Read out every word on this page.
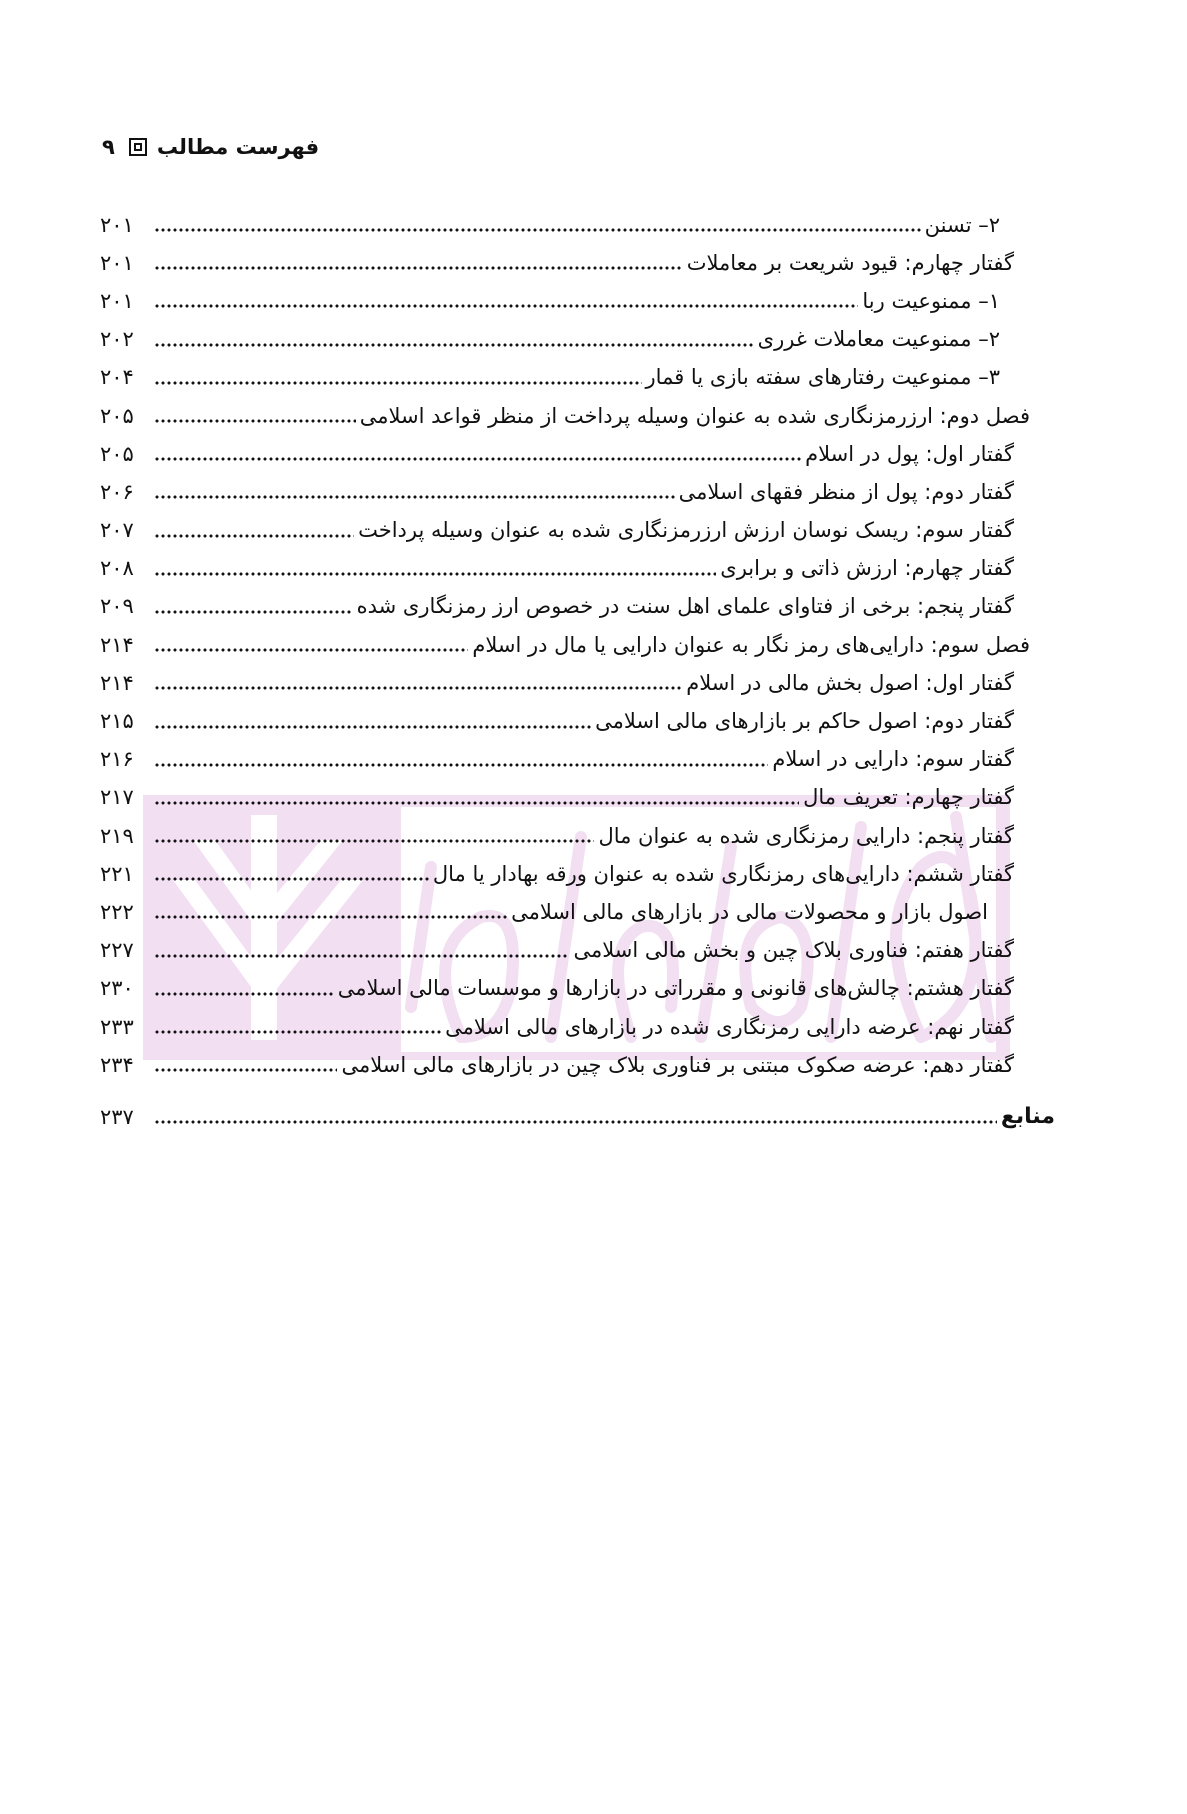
۹ فهرست مطالب
۲– تسنن
۲۰۱
گفتار چهارم: قیود شریعت بر معاملات
۲۰۱
۱– ممنوعیت ربا
۲۰۱
۲– ممنوعیت معاملات غرری
۲۰۲
۳– ممنوعیت رفتارهای سفته بازی یا قمار
۲۰۴
فصل دوم: ارزرمزنگاری شده به عنوان وسیله پرداخت از منظر قواعد اسلامی
۲۰۵
گفتار اول: پول در اسلام
۲۰۵
گفتار دوم: پول از منظر فقهای اسلامی
۲۰۶
گفتار سوم: ریسک نوسان ارزش ارزرمزنگاری شده به عنوان وسیله پرداخت
۲۰۷
گفتار چهارم: ارزش ذاتی و برابری
۲۰۸
گفتار پنجم: برخی از فتاوای علمای اهل سنت در خصوص ارز رمزنگاری شده
۲۰۹
فصل سوم: دارایی‌های رمز نگار به عنوان دارایی یا مال در اسلام
۲۱۴
گفتار اول: اصول بخش مالی در اسلام
۲۱۴
گفتار دوم: اصول حاکم بر بازارهای مالی اسلامی
۲۱۵
گفتار سوم: دارایی در اسلام
۲۱۶
گفتار چهارم: تعریف مال
۲۱۷
گفتار پنجم: دارایی رمزنگاری شده به عنوان مال
۲۱۹
گفتار ششم: دارایی‌های رمزنگاری شده به عنوان ورقه بهادار یا مال
۲۲۱
اصول بازار و محصولات مالی در بازارهای مالی اسلامی
۲۲۲
گفتار هفتم: فناوری بلاک چین و بخش مالی اسلامی
۲۲۷
گفتار هشتم: چالش‌های قانونی و مقرراتی در بازارها و موسسات مالی اسلامی
۲۳۰
گفتار نهم: عرضه دارایی رمزنگاری شده در بازارهای مالی اسلامی
۲۳۳
گفتار دهم: عرضه صکوک مبتنی بر فناوری بلاک چین در بازارهای مالی اسلامی
۲۳۴
منابع
۲۳۷
